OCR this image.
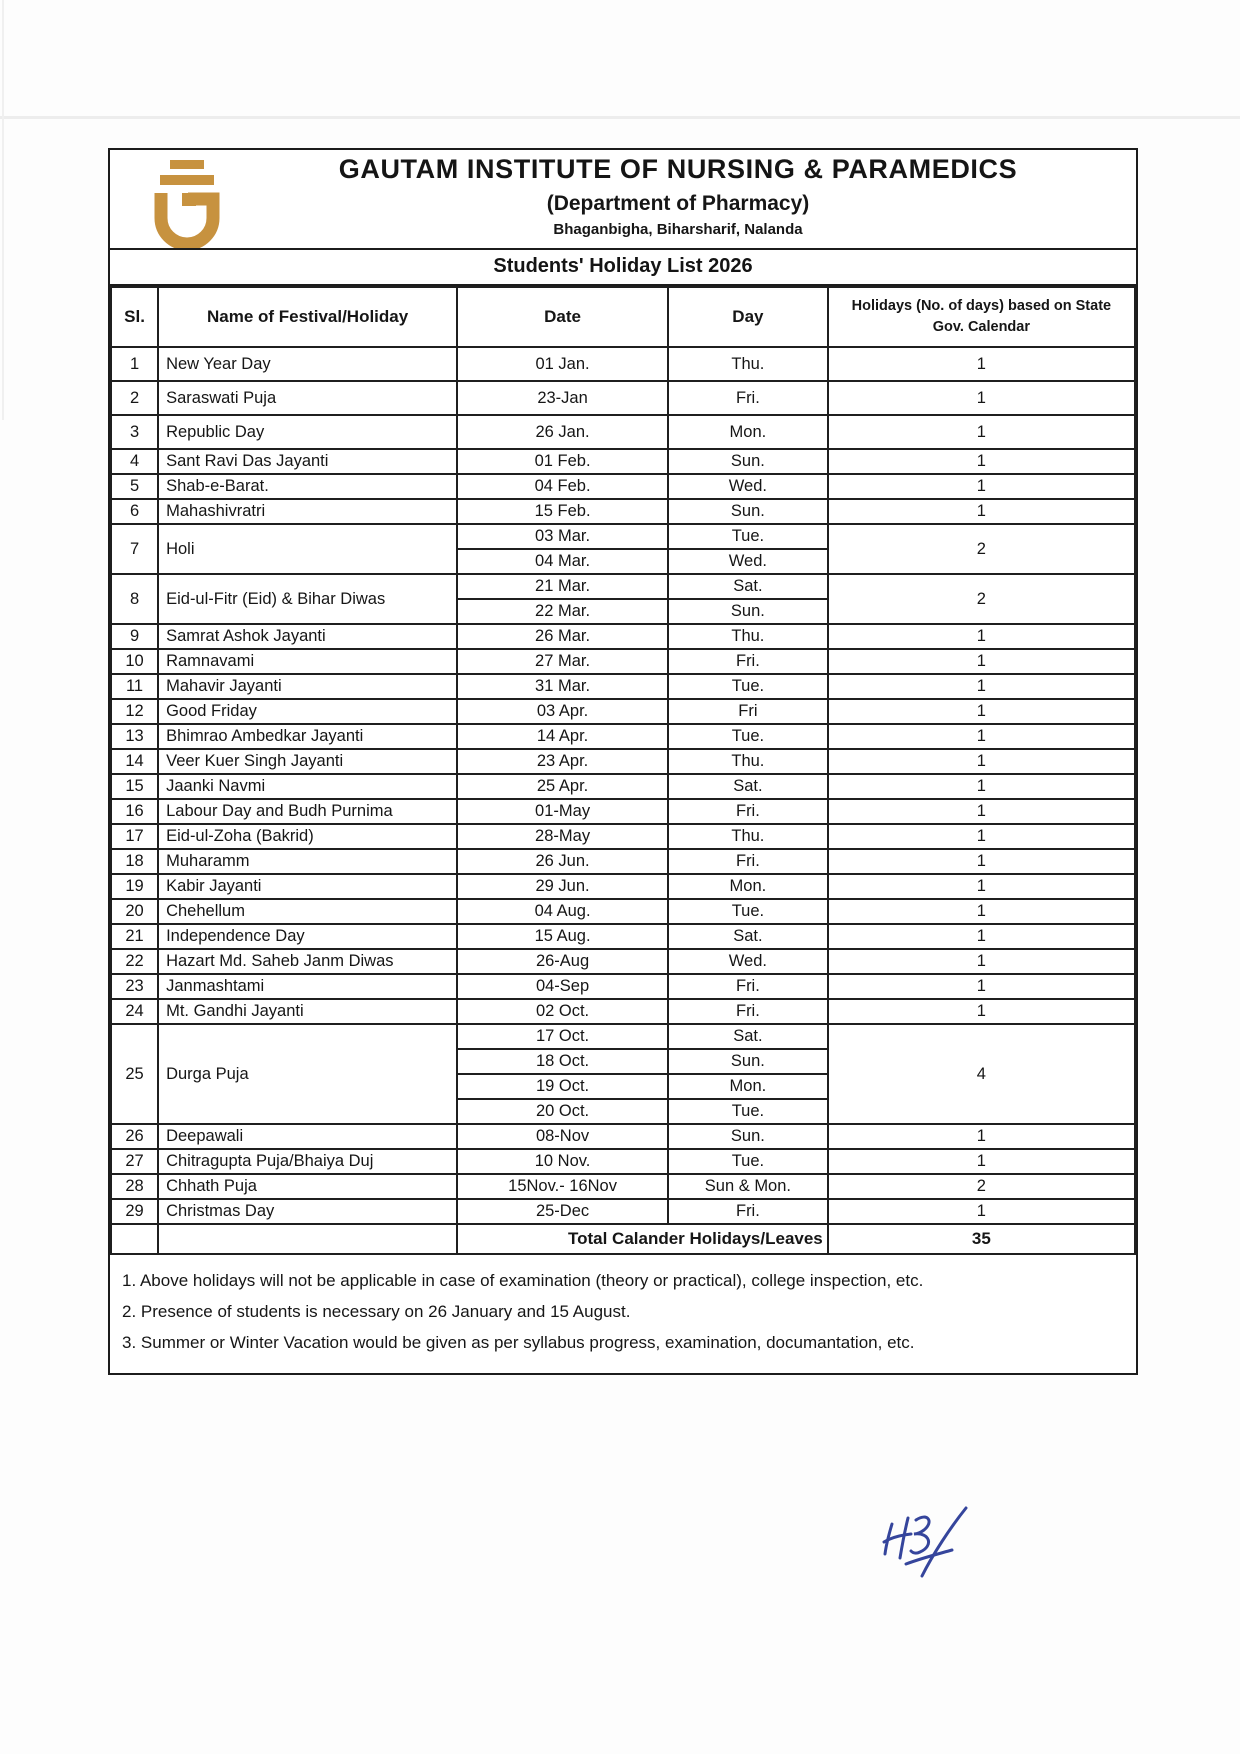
GAUTAM INSTITUTE OF NURSING & PARAMEDICS
(Department of Pharmacy)
Bhaganbigha, Biharsharif, Nalanda
Students' Holiday List 2026
Sl.	Name of Festival/Holiday	Date	Day	Holidays (No. of days) based on State Gov. Calendar
1	New Year Day	01 Jan.	Thu.	1
2	Saraswati Puja	23-Jan	Fri.	1
3	Republic Day	26 Jan.	Mon.	1
4	Sant Ravi Das Jayanti	01 Feb.	Sun.	1
5	Shab-e-Barat.	04 Feb.	Wed.	1
6	Mahashivratri	15 Feb.	Sun.	1
7	Holi	03 Mar.	Tue.	2
		04 Mar.	Wed.	
8	Eid-ul-Fitr (Eid) & Bihar Diwas	21 Mar.	Sat.	2
		22 Mar.	Sun.	
9	Samrat Ashok Jayanti	26 Mar.	Thu.	1
10	Ramnavami	27 Mar.	Fri.	1
11	Mahavir Jayanti	31 Mar.	Tue.	1
12	Good Friday	03 Apr.	Fri	1
13	Bhimrao Ambedkar Jayanti	14 Apr.	Tue.	1
14	Veer Kuer Singh Jayanti	23 Apr.	Thu.	1
15	Jaanki Navmi	25 Apr.	Sat.	1
16	Labour Day and Budh Purnima	01-May	Fri.	1
17	Eid-ul-Zoha (Bakrid)	28-May	Thu.	1
18	Muharamm	26 Jun.	Fri.	1
19	Kabir Jayanti	29 Jun.	Mon.	1
20	Chehellum	04 Aug.	Tue.	1
21	Independence Day	15 Aug.	Sat.	1
22	Hazart Md. Saheb Janm Diwas	26-Aug	Wed.	1
23	Janmashtami	04-Sep	Fri.	1
24	Mt. Gandhi Jayanti	02 Oct.	Fri.	1
25	Durga Puja	17 Oct.	Sat.	4
		18 Oct.	Sun.	
		19 Oct.	Mon.	
		20 Oct.	Tue.	
26	Deepawali	08-Nov	Sun.	1
27	Chitragupta Puja/Bhaiya Duj	10 Nov.	Tue.	1
28	Chhath Puja	15Nov.- 16Nov	Sun & Mon.	2
29	Christmas Day	25-Dec	Fri.	1
		Total Calander Holidays/Leaves		35
1. Above holidays will not be applicable in case of examination (theory or practical), college inspection, etc.
2. Presence of students is necessary on 26 January and 15 August.
3. Summer or Winter Vacation would be given as per syllabus progress, examination, documantation, etc.
